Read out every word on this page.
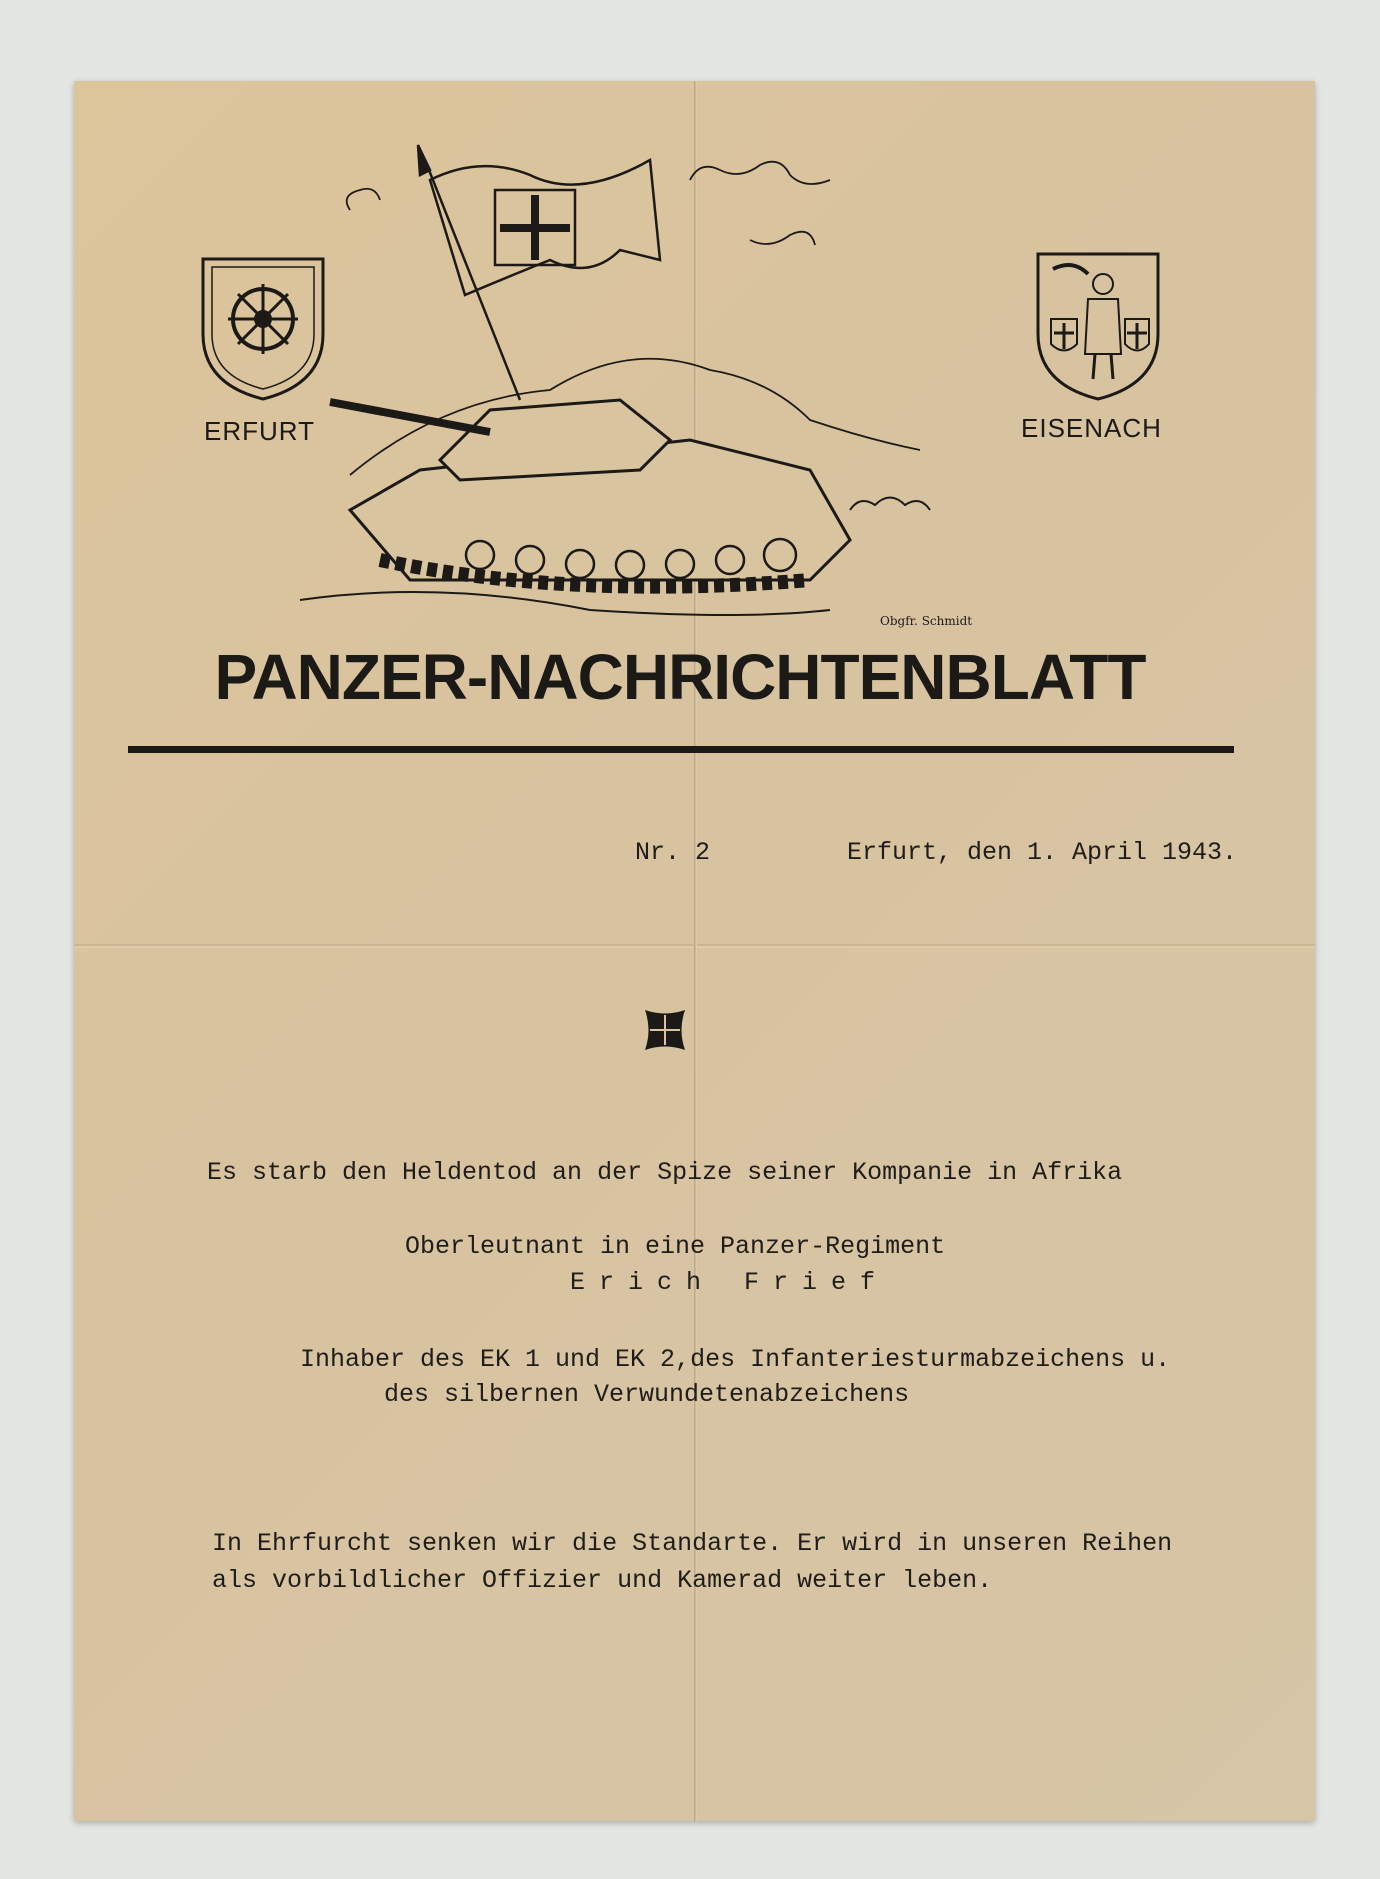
ERFURT	EISENACH
Obgfr. Schmidt
PANZER-NACHRICHTENBLATT
Nr. 2	Erfurt, den 1. April 1943.
Es starb den Heldentod an der Spize seiner Kompanie in Afrika
Oberleutnant in eine Panzer-Regiment
Erich Frief
Inhaber des EK 1 und EK 2,des Infanteriesturmabzeichens u.
des silbernen Verwundetenabzeichens
In Ehrfurcht senken wir die Standarte. Er wird in unseren Reihen
als vorbildlicher Offizier und Kamerad weiter leben.
